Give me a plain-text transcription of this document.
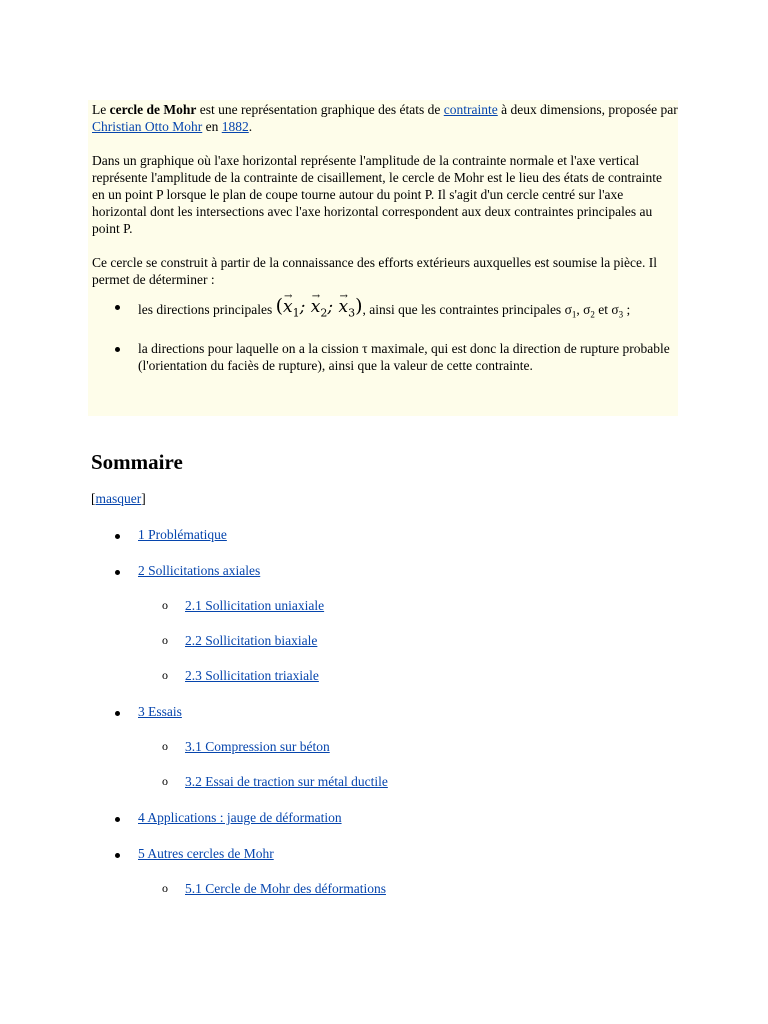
Le cercle de Mohr est une représentation graphique des états de contrainte à deux dimensions, proposée par Christian Otto Mohr en 1882.

Dans un graphique où l'axe horizontal représente l'amplitude de la contrainte normale et l'axe vertical représente l'amplitude de la contrainte de cisaillement, le cercle de Mohr est le lieu des états de contrainte en un point P lorsque le plan de coupe tourne autour du point P. Il s'agit d'un cercle centré sur l'axe horizontal dont les intersections avec l'axe horizontal correspondent aux deux contraintes principales au point P.

Ce cercle se construit à partir de la connaissance des efforts extérieurs auxquelles est soumise la pièce. Il permet de déterminer :

les directions principales ($x \to_1$; $x \to_2$; $x \to_3$), ainsi que les contraintes principales $\sigma_1$, $\sigma_2$ et $\sigma_3$ ;
la directions pour laquelle on a la cission τ maximale, qui est donc la direction de rupture probable (l'orientation du faciès de rupture), ainsi que la valeur de cette contrainte.
Sommaire
[masquer]
1 Problématique
2 Sollicitations axiales
o 2.1 Sollicitation uniaxiale
o 2.2 Sollicitation biaxiale
o 2.3 Sollicitation triaxiale
3 Essais
o 3.1 Compression sur béton
o 3.2 Essai de traction sur métal ductile
4 Applications : jauge de déformation
5 Autres cercles de Mohr
o 5.1 Cercle de Mohr des déformations
